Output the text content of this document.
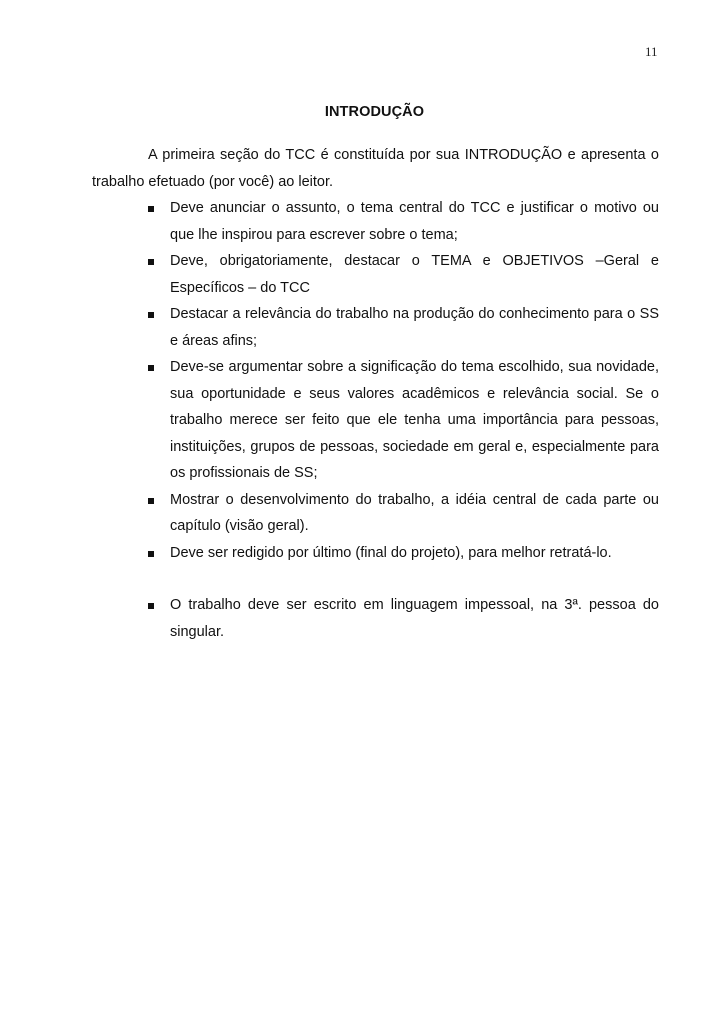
11
INTRODUÇÃO

A primeira seção do TCC é constituída por sua INTRODUÇÃO e apresenta o trabalho efetuado (por você) ao leitor.

Deve anunciar o assunto, o tema central do TCC e justificar o motivo ou que lhe inspirou para escrever sobre o tema;
Deve, obrigatoriamente, destacar o TEMA e OBJETIVOS –Geral e Específicos – do TCC
Destacar a relevância do trabalho na produção do conhecimento para o SS e áreas afins;
Deve-se argumentar sobre a significação do tema escolhido, sua novidade, sua oportunidade e seus valores acadêmicos e relevância social. Se o trabalho merece ser feito que ele tenha uma importância para pessoas, instituições, grupos de pessoas, sociedade em geral e, especialmente para os profissionais de SS;
Mostrar o desenvolvimento do trabalho, a idéia central de cada parte ou capítulo (visão geral).
Deve ser redigido por último (final do projeto), para melhor retratá-lo.
O trabalho deve ser escrito em linguagem impessoal, na 3ª. pessoa do singular.
